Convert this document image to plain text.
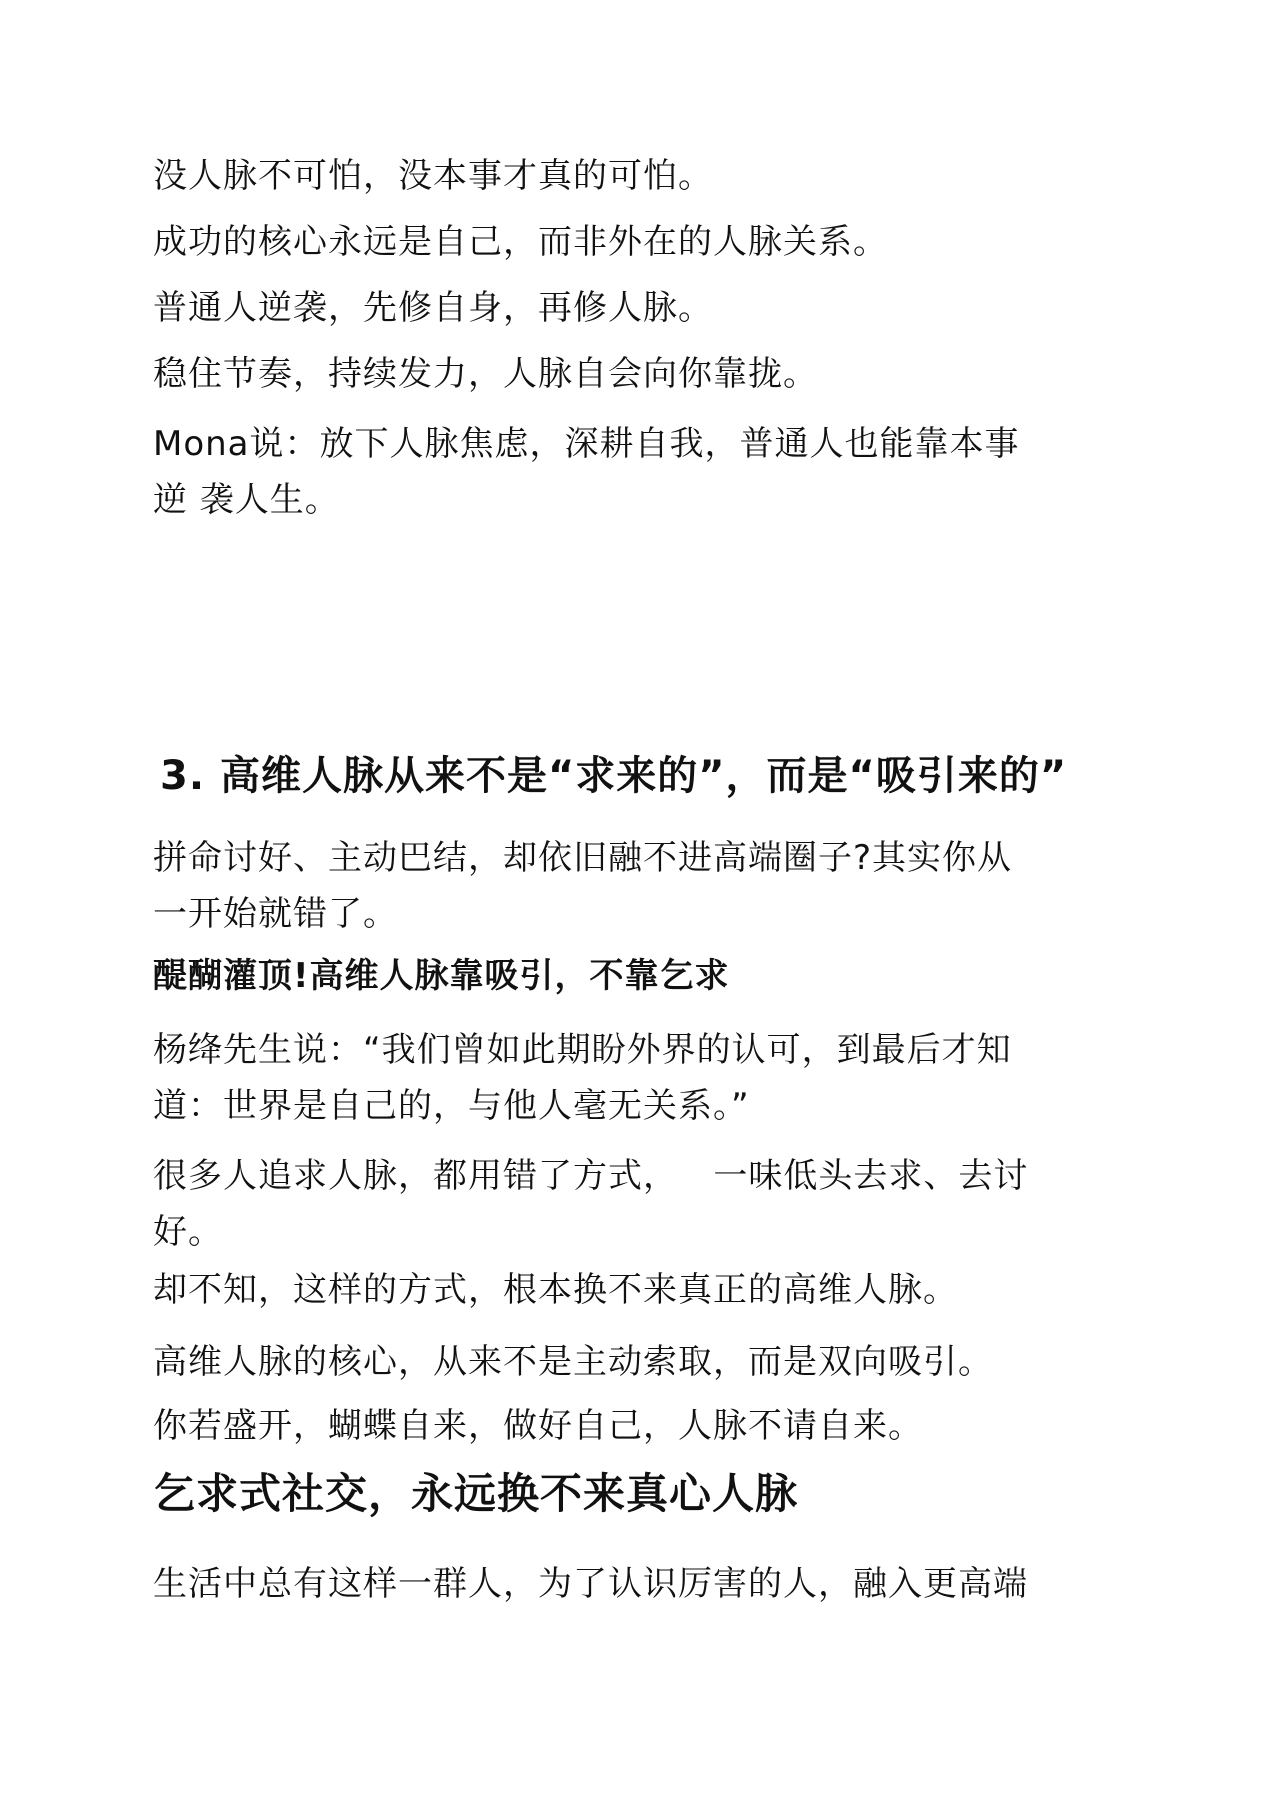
没人脉不可怕，没本事才真的可怕。

成功的核心永远是自己，而非外在的人脉关系。

普通人逆袭，先修自身，再修人脉。

稳住节奏，持续发力，人脉自会向你靠拢。

Mona说：放下人脉焦虑，深耕自我，普通人也能靠本事

逆 袭人生。

3. 高维人脉从来不是“求来的”，而是“吸引来的”

拼命讨好、主动巴结，却依旧融不进高端圈子?其实你从

一开始就错了。

醍醐灌顶!高维人脉靠吸引，不靠乞求

杨绛先生说：“我们曾如此期盼外界的认可，到最后才知

道：世界是自己的，与他人毫无关系。”

很多人追求人脉，都用错了方式，   一味低头去求、去讨

好。

却不知，这样的方式，根本换不来真正的高维人脉。

高维人脉的核心，从来不是主动索取，而是双向吸引。

你若盛开，蝴蝶自来，做好自己，人脉不请自来。

乞求式社交，永远换不来真心人脉

生活中总有这样一群人，为了认识厉害的人，融入更高端
